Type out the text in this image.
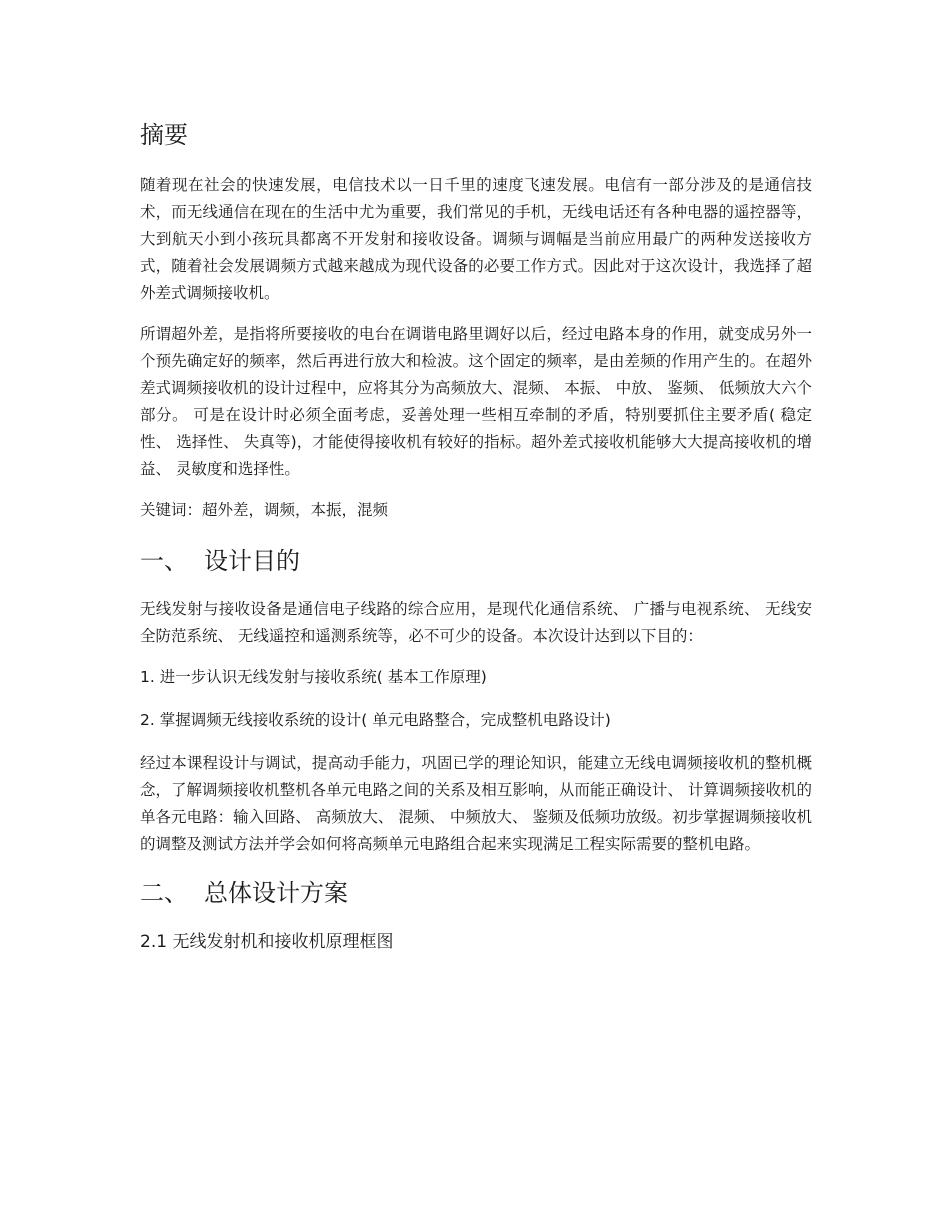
摘要

随着现在社会的快速发展，电信技术以一日千里的速度飞速发展。电信有一部分涉及的是通信技术，而无线通信在现在的生活中尤为重要，我们常见的手机，无线电话还有各种电器的遥控器等，大到航天小到小孩玩具都离不开发射和接收设备。调频与调幅是当前应用最广的两种发送接收方式，随着社会发展调频方式越来越成为现代设备的必要工作方式。因此对于这次设计，我选择了超外差式调频接收机。

所谓超外差，是指将所要接收的电台在调谐电路里调好以后，经过电路本身的作用，就变成另外一个预先确定好的频率，然后再进行放大和检波。这个固定的频率，是由差频的作用产生的。在超外差式调频接收机的设计过程中，应将其分为高频放大、混频、 本振、 中放、 鉴频、 低频放大六个部分。 可是在设计时必须全面考虑，妥善处理一些相互牵制的矛盾，特别要抓住主要矛盾( 稳定性、 选择性、 失真等)，才能使得接收机有较好的指标。超外差式接收机能够大大提高接收机的增益、 灵敏度和选择性。

关键词：超外差，调频，本振，混频

一、 设计目的

无线发射与接收设备是通信电子线路的综合应用，是现代化通信系统、 广播与电视系统、 无线安全防范系统、 无线遥控和遥测系统等，必不可少的设备。本次设计达到以下目的：

1. 进一步认识无线发射与接收系统( 基本工作原理)

2. 掌握调频无线接收系统的设计( 单元电路整合，完成整机电路设计)

经过本课程设计与调试，提高动手能力，巩固已学的理论知识，能建立无线电调频接收机的整机概念，了解调频接收机整机各单元电路之间的关系及相互影响，从而能正确设计、 计算调频接收机的单各元电路：输入回路、 高频放大、 混频、 中频放大、 鉴频及低频功放级。初步掌握调频接收机的调整及测试方法并学会如何将高频单元电路组合起来实现满足工程实际需要的整机电路。

二、 总体设计方案
2.1 无线发射机和接收机原理框图
